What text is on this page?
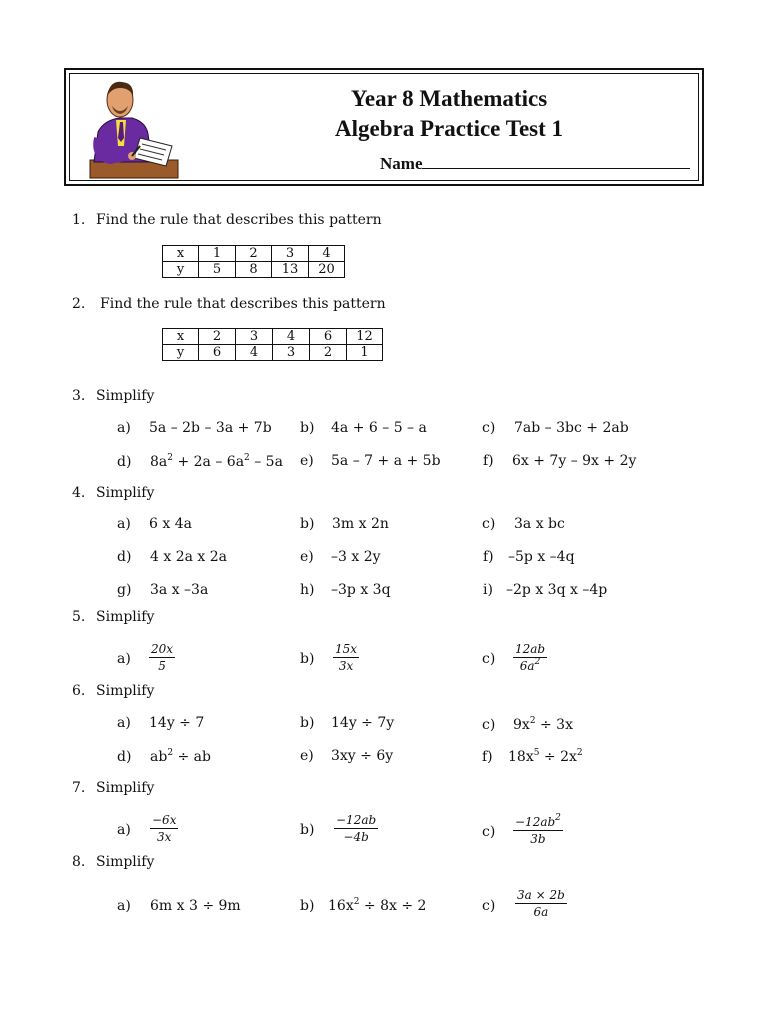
Year 8 Mathematics
Algebra Practice Test 1
Name
1. Find the rule that describes this pattern
x	1	2	3	4
y	5	8	13	20
2. Find the rule that describes this pattern
x	2	3	4	6	12
y	6	4	3	2	1
3. Simplify
a) 5a – 2b – 3a + 7b b) 4a + 6 – 5 – a	c) 7ab – 3bc + 2ab
d) $8a^2 + 2a - 6a^2 - 5a$ e) 5a – 7 + a + 5b	f) 6x + 7y – 9x + 2y
4. Simplify
a) 6 x 4a	b) 3m x 2n	c) 3a x bc
d) 4 x 2a x 2a	e) –3 x 2y	f) –5p x –4q
g) 3a x –3a	h) –3p x 3q	i) –2p x 3q x –4p
5. Simplify
a)
20x
5	b)
15x
3x	c)
12ab
$6a^2$
6. Simplify
a) 14y ÷ 7	b) 14y ÷ 7y	c) $9x^2 \div 3x$
d) $ab^2$ ÷ ab	e) 3xy ÷ 6y	f) $18x^5 \div 2x^2$
7. Simplify
a)
−6x
3x	b)
−12ab
−4b	c)
$-12ab^2$
3b
8. Simplify
a) 6m x 3 ÷ 9m	b) $16x^2 \div 8x \div 2$	c)
3a × 2b
6a
